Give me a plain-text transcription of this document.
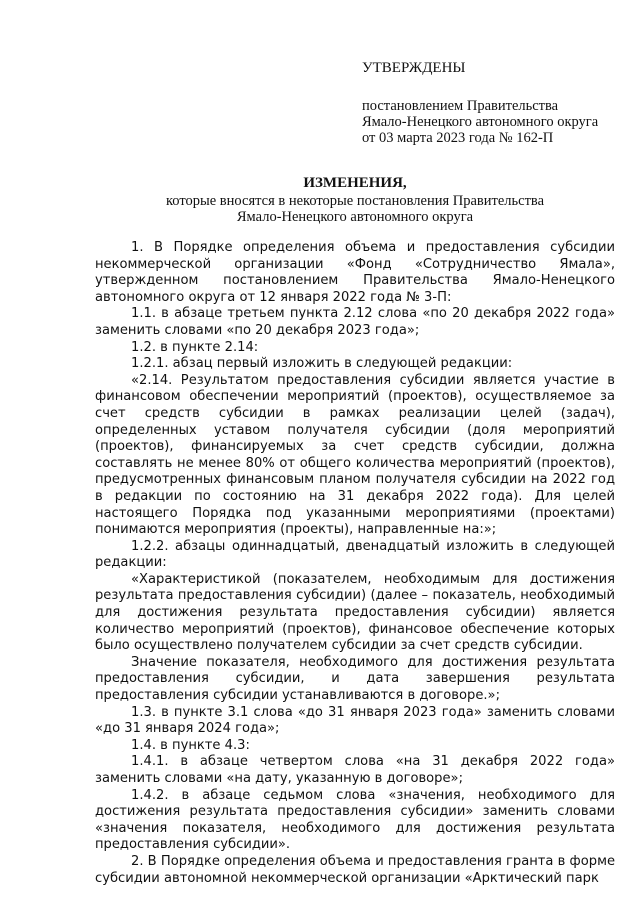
УТВЕРЖДЕНЫ
постановлением Правительства
Ямало-Ненецкого автономного округа
от 03 марта 2023 года № 162-П
ИЗМЕНЕНИЯ,
которые вносятся в некоторые постановления Правительства
Ямало-Ненецкого автономного округа

1. В Порядке определения объема и предоставления субсидии некоммерческой организации «Фонд «Сотрудничество Ямала», утвержденном постановлением Правительства Ямало-Ненецкого автономного округа от 12 января 2022 года № 3-П:

1.1. в абзаце третьем пункта 2.12 слова «по 20 декабря 2022 года» заменить словами «по 20 декабря 2023 года»;

1.2. в пункте 2.14:

1.2.1. абзац первый изложить в следующей редакции:

«2.14. Результатом предоставления субсидии является участие в финансовом обеспечении мероприятий (проектов), осуществляемое за счет средств субсидии в рамках реализации целей (задач), определенных уставом получателя субсидии (доля мероприятий (проектов), финансируемых за счет средств субсидии, должна составлять не менее 80% от общего количества мероприятий (проектов), предусмотренных финансовым планом получателя субсидии на 2022 год в редакции по состоянию на 31 декабря 2022 года). Для целей настоящего Порядка под указанными мероприятиями (проектами) понимаются мероприятия (проекты), направленные на:»;

1.2.2. абзацы одиннадцатый, двенадцатый изложить в следующей редакции:

«Характеристикой (показателем, необходимым для достижения результата предоставления субсидии) (далее – показатель, необходимый для достижения результата предоставления субсидии) является количество мероприятий (проектов), финансовое обеспечение которых было осуществлено получателем субсидии за счет средств субсидии.

Значение показателя, необходимого для достижения результата предоставления субсидии, и дата завершения результата предоставления субсидии устанавливаются в договоре.»;

1.3. в пункте 3.1 слова «до 31 января 2023 года» заменить словами «до 31 января 2024 года»;

1.4. в пункте 4.3:

1.4.1. в абзаце четвертом слова «на 31 декабря 2022 года» заменить словами «на дату, указанную в договоре»;

1.4.2. в абзаце седьмом слова «значения, необходимого для достижения результата предоставления субсидии» заменить словами «значения показателя, необходимого для достижения результата предоставления субсидии».

2. В Порядке определения объема и предоставления гранта в форме субсидии автономной некоммерческой организации «Арктический парк
